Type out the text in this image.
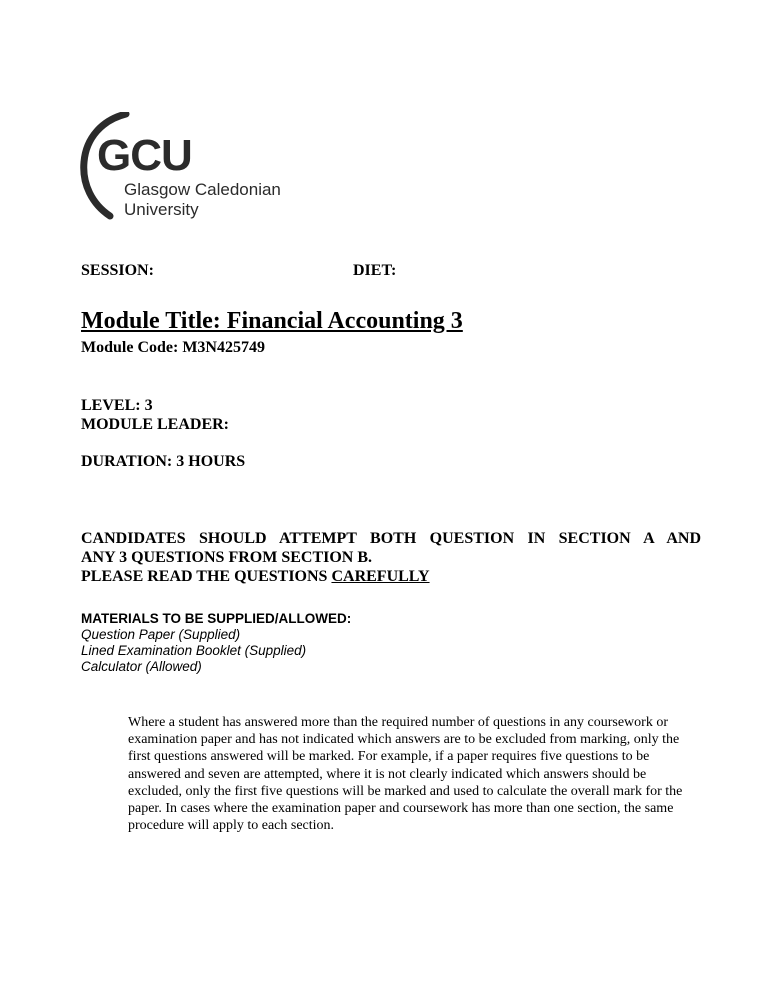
GCU
Glasgow Caledonian
University
SESSION:	DIET:
Module Title: Financial Accounting 3
Module Code: M3N425749
LEVEL: 3
MODULE LEADER:
DURATION: 3 HOURS
CANDIDATES SHOULD ATTEMPT BOTH QUESTION IN SECTION A AND
ANY 3 QUESTIONS FROM SECTION B.
PLEASE READ THE QUESTIONS CAREFULLY
MATERIALS TO BE SUPPLIED/ALLOWED:
Question Paper (Supplied)
Lined Examination Booklet (Supplied)
Calculator (Allowed)
Where a student has answered more than the required number of questions in any coursework or examination paper and has not indicated which answers are to be excluded from marking, only the first questions answered will be marked. For example, if a paper requires five questions to be answered and seven are attempted, where it is not clearly indicated which answers should be excluded, only the first five questions will be marked and used to calculate the overall mark for the paper. In cases where the examination paper and coursework has more than one section, the same procedure will apply to each section.
